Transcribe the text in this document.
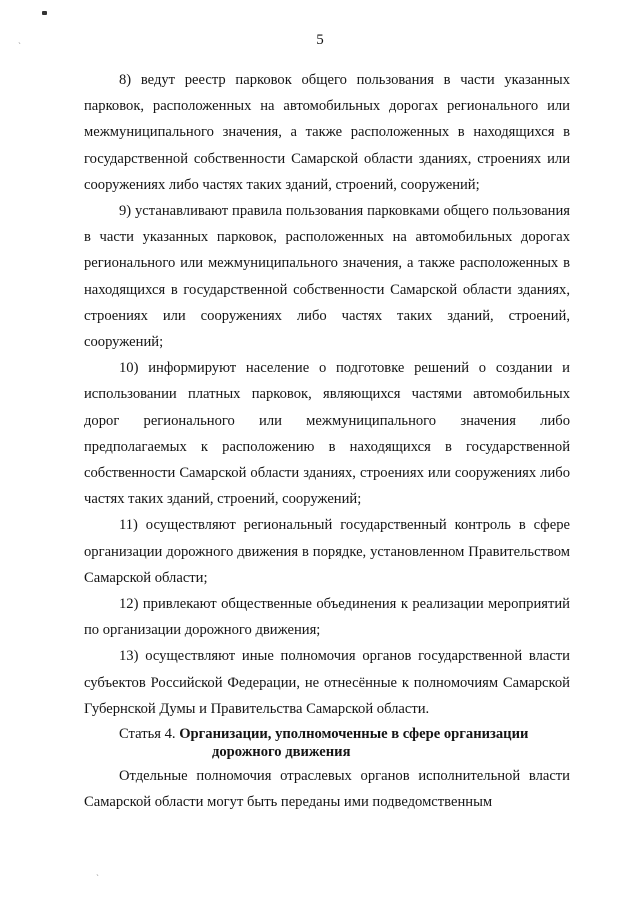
ˎ
ˏ
5

8) ведут реестр парковок общего пользования в части указанных парковок, расположенных на автомобильных дорогах регионального или межмуниципального значения, а также расположенных в находящихся в государственной собственности Самарской области зданиях, строениях или сооружениях либо частях таких зданий, строений, сооружений;

9) устанавливают правила пользования парковками общего пользования в части указанных парковок, расположенных на автомобильных дорогах регионального или межмуниципального значения, а также расположенных в находящихся в государственной собственности Самарской области зданиях, строениях или сооружениях либо частях таких зданий, строений, сооружений;

10) информируют население о подготовке решений о создании и использовании платных парковок, являющихся частями автомобильных дорог регионального или межмуниципального значения либо предполагаемых к расположению в находящихся в государственной собственности Самарской области зданиях, строениях или сооружениях либо частях таких зданий, строений, сооружений;

11) осуществляют региональный государственный контроль в сфере организации дорожного движения в порядке, установленном Правительством Самарской области;

12) привлекают общественные объединения к реализации мероприятий по организации дорожного движения;

13) осуществляют иные полномочия органов государственной власти субъектов Российской Федерации, не отнесённые к полномочиям Самарской Губернской Думы и Правительства Самарской области.

Статья 4. Организации, уполномоченные в сфере организации
дорожного движения

Отдельные полномочия отраслевых органов исполнительной власти Самарской области могут быть переданы ими подведомственным
